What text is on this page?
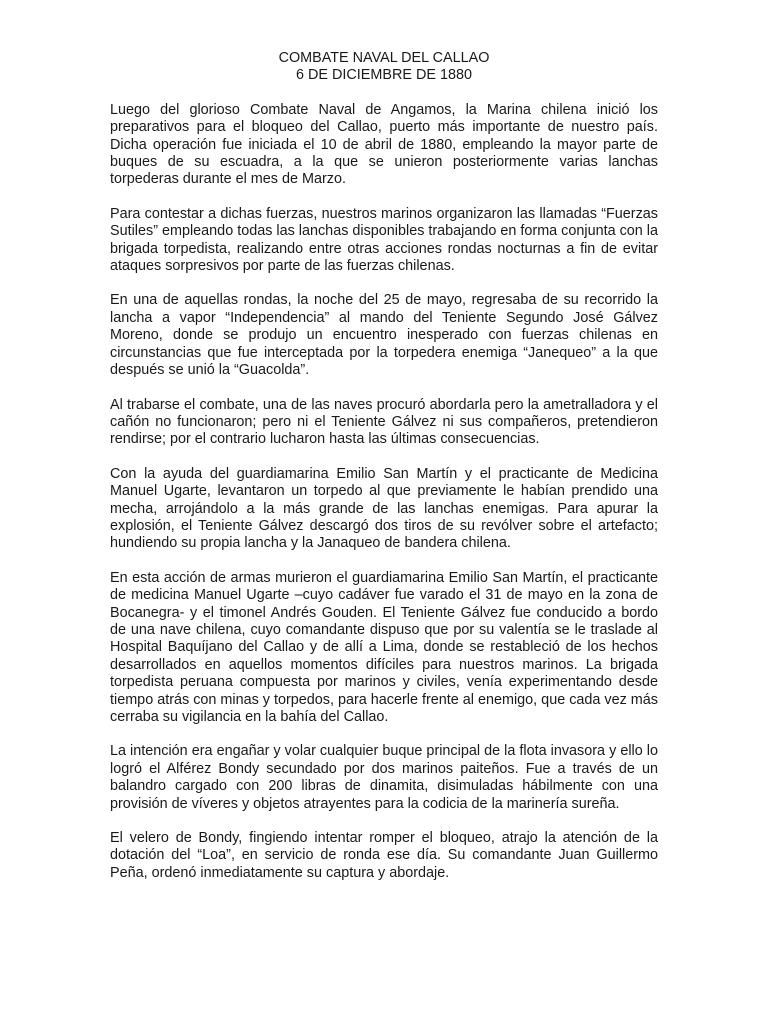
COMBATE NAVAL DEL CALLAO

6 DE DICIEMBRE DE 1880

Luego del glorioso Combate Naval de Angamos, la Marina chilena inició los preparativos para el bloqueo del Callao, puerto más importante de nuestro país. Dicha operación fue iniciada el 10 de abril de 1880, empleando la mayor parte de buques de su escuadra, a la que se unieron posteriormente varias lanchas torpederas durante el mes de Marzo.

Para contestar a dichas fuerzas, nuestros marinos organizaron las llamadas “Fuerzas Sutiles” empleando todas las lanchas disponibles trabajando en forma conjunta con la brigada torpedista, realizando entre otras acciones rondas nocturnas a fin de evitar ataques sorpresivos por parte de las fuerzas chilenas.

En una de aquellas rondas, la noche del 25 de mayo, regresaba de su recorrido la lancha a vapor “Independencia” al mando del Teniente Segundo José Gálvez Moreno, donde se produjo un encuentro inesperado con fuerzas chilenas en circunstancias que fue interceptada por la torpedera enemiga “Janequeo” a la que después se unió la “Guacolda”.

Al trabarse el combate, una de las naves procuró abordarla pero la ametralladora y el cañón no funcionaron; pero ni el Teniente Gálvez ni sus compañeros, pretendieron rendirse; por el contrario lucharon hasta las últimas consecuencias.

Con la ayuda del guardiamarina Emilio San Martín y el practicante de Medicina Manuel Ugarte, levantaron un torpedo al que previamente le habían prendido una mecha, arrojándolo a la más grande de las lanchas enemigas. Para apurar la explosión, el Teniente Gálvez descargó dos tiros de su revólver sobre el artefacto; hundiendo su propia lancha y la Janaqueo de bandera chilena.

En esta acción de armas murieron el guardiamarina Emilio San Martín, el practicante de medicina Manuel Ugarte –cuyo cadáver fue varado el 31 de mayo en la zona de Bocanegra- y el timonel Andrés Gouden. El Teniente Gálvez fue conducido a bordo de una nave chilena, cuyo comandante dispuso que por su valentía se le traslade al Hospital Baquíjano del Callao y de allí a Lima, donde se restableció de los hechos desarrollados en aquellos momentos difíciles para nuestros marinos. La brigada torpedista peruana compuesta por marinos y civiles, venía experimentando desde tiempo atrás con minas y torpedos, para hacerle frente al enemigo, que cada vez más cerraba su vigilancia en la bahía del Callao.

La intención era engañar y volar cualquier buque principal de la flota invasora y ello lo logró el Alférez Bondy secundado por dos marinos paiteños. Fue a través de un balandro cargado con 200 libras de dinamita, disimuladas hábilmente con una provisión de víveres y objetos atrayentes para la codicia de la marinería sureña.

El velero de Bondy, fingiendo intentar romper el bloqueo, atrajo la atención de la dotación del “Loa”, en servicio de ronda ese día. Su comandante Juan Guillermo Peña, ordenó inmediatamente su captura y abordaje.
